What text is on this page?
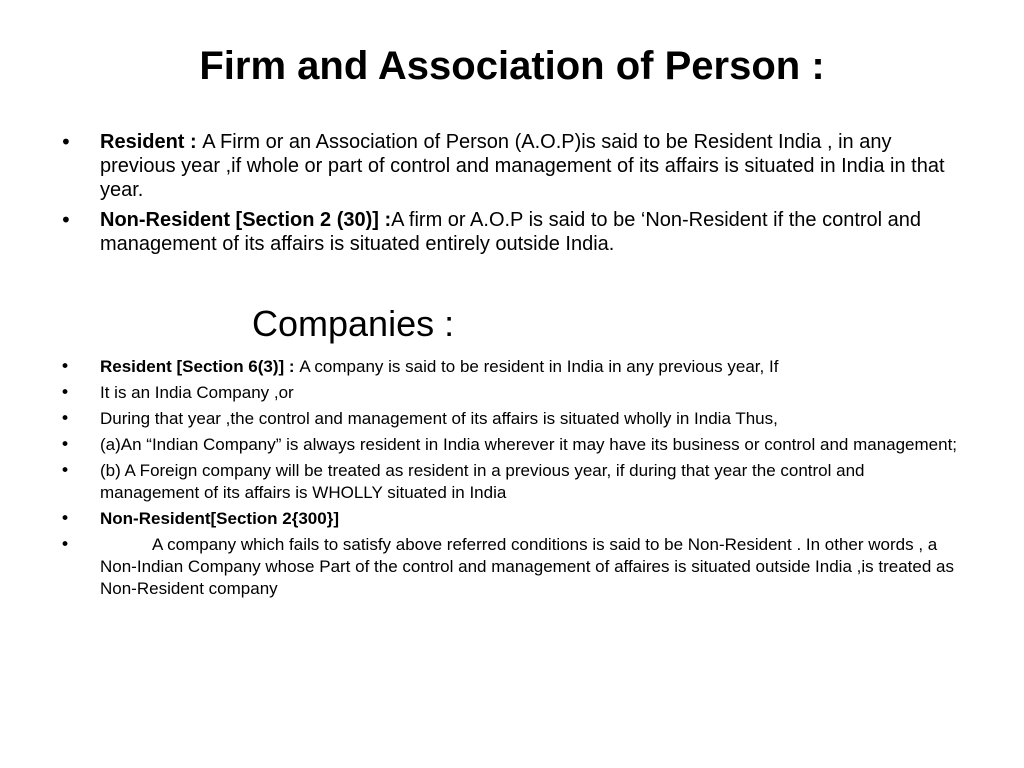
Firm and Association of Person :
• Resident : A Firm or an Association of Person (A.O.P)is said to be Resident India , in any previous year ,if whole or part of control and management of its affairs is situated in India in that year.
• Non-Resident [Section 2 (30)] :A firm or A.O.P is said to be ‘Non-Resident if the control and management of its affairs is situated entirely outside India.
Companies :
• Resident [Section 6(3)] : A company is said to be resident in India in any previous year, If
• It is an India Company ,or
• During that year ,the control and management of its affairs is situated wholly in India Thus,
• (a)An “Indian Company” is always resident in India wherever it may have its business or control and management;
• (b) A Foreign company will be treated as resident in a previous year, if during that year the control and management of its affairs is WHOLLY situated in India
• Non-Resident[Section 2{300}]
•	A company which fails to satisfy above referred conditions is said to be Non-Resident . In other words , a Non-Indian Company whose Part of the control and management of affaires is situated outside India ,is treated as Non-Resident company
